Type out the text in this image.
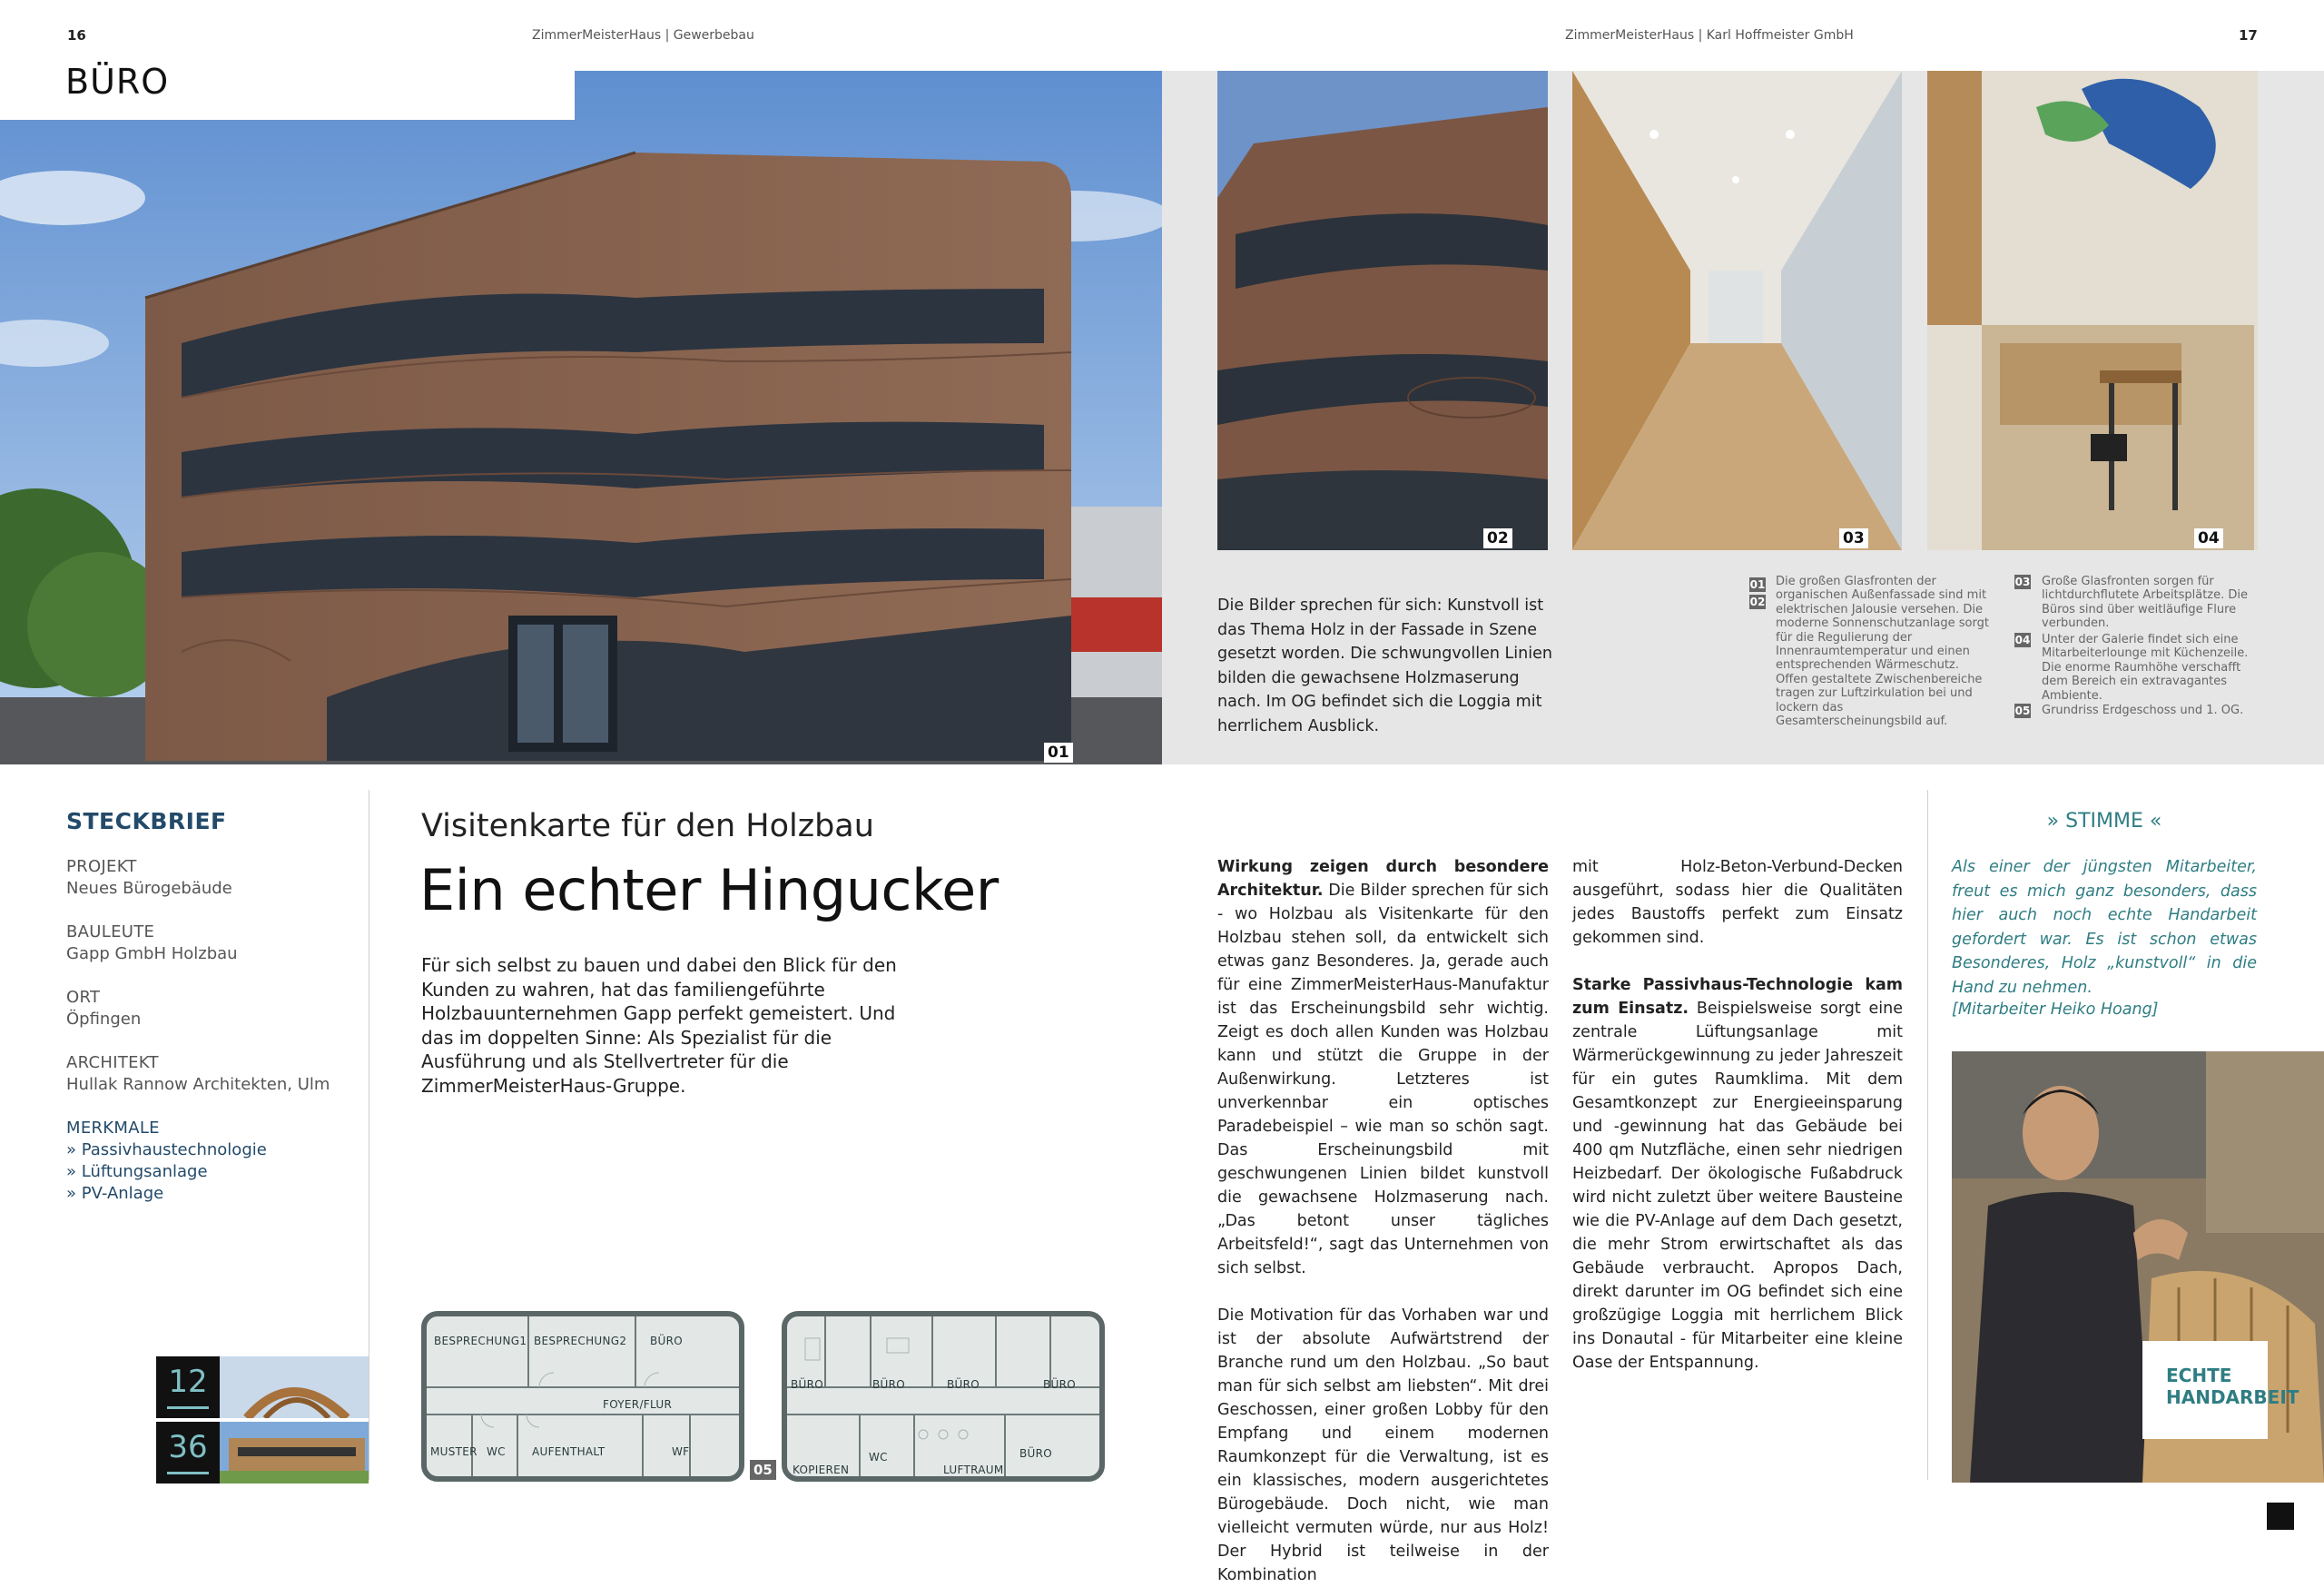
16	ZimmerMeisterHaus | Gewerbebau	ZimmerMeisterHaus | Karl Hoffmeister GmbH	17
01
BÜRO
02	03	04
Die Bilder sprechen für sich: Kunstvoll ist das Thema Holz in der Fassade in Szene gesetzt worden. Die schwungvollen Linien bilden die gewachsene Holzmaserung nach. Im OG befindet sich die Loggia mit herrlichem Ausblick.
01 02
Die großen Glasfronten der organischen Außenfassade sind mit elektrischen Jalousie versehen. Die moderne Sonnenschutzanlage sorgt für die Regulierung der Innenraumtemperatur und einen entsprechenden Wärmeschutz. Offen gestaltete Zwischenbereiche tragen zur Luftzirkulation bei und lockern das Gesamterscheinungsbild auf.
03 Große Glasfronten sorgen für lichtdurchflutete Arbeitsplätze. Die Büros sind über weitläufige Flure verbunden.
04 Unter der Galerie findet sich eine Mitarbeiterlounge mit Küchenzeile. Die enorme Raumhöhe verschafft dem Bereich ein extravagantes Ambiente.
05 Grundriss Erdgeschoss und 1. OG.
STECKBRIEF
PROJEKT
Neues Bürogebäude
BAULEUTE
Gapp GmbH Holzbau
ORT
Öpfingen
ARCHITEKT
Hullak Rannow Architekten, Ulm
MERKMALE
» Passivhaustechnologie
» Lüftungsanlage
» PV-Anlage
12
36
Visitenkarte für den Holzbau
Ein echter Hingucker
Für sich selbst zu bauen und dabei den Blick für den Kunden zu wahren, hat das familiengeführte Holzbauunternehmen Gapp perfekt gemeistert. Und das im doppelten Sinne: Als Spezialist für die Ausführung und als Stellvertreter für die ZimmerMeisterHaus-Gruppe.

Wirkung zeigen durch besondere Architektur. Die Bilder sprechen für sich - wo Holzbau als Visitenkarte für den Holzbau stehen soll, da entwickelt sich etwas ganz Besonderes. Ja, gerade auch für eine ZimmerMeisterHaus-Manufaktur ist das Erscheinungsbild sehr wichtig. Zeigt es doch allen Kunden was Holzbau kann und stützt die Gruppe in der Außenwirkung. Letzteres ist unverkennbar ein optisches Paradebeispiel – wie man so schön sagt. Das Erscheinungsbild mit geschwungenen Linien bildet kunstvoll die gewachsene Holzmaserung nach. „Das betont unser tägliches Arbeitsfeld!“, sagt das Unternehmen von sich selbst.

Die Motivation für das Vorhaben war und ist der absolute Aufwärtstrend der Branche rund um den Holzbau. „So baut man für sich selbst am liebsten“. Mit drei Geschossen, einer großen Lobby für den Empfang und einem modernen Raumkonzept für die Verwaltung, ist es ein klassisches, modern ausgerichtetes Bürogebäude. Doch nicht, wie man vielleicht vermuten würde, nur aus Holz! Der Hybrid ist teilweise in der Kombination

mit Holz-Beton-Verbund-Decken ausgeführt, sodass hier die Qualitäten jedes Baustoffs perfekt zum Einsatz gekommen sind.

Starke Passivhaus-Technologie kam zum Einsatz. Beispielsweise sorgt eine zentrale Lüftungsanlage mit Wärmerückgewinnung zu jeder Jahreszeit für ein gutes Raumklima. Mit dem Gesamtkonzept zur Energieeinsparung und -gewinnung hat das Gebäude bei 400 qm Nutzfläche, einen sehr niedrigen Heizbedarf. Der ökologische Fußabdruck wird nicht zuletzt über weitere Bausteine wie die PV-Anlage auf dem Dach gesetzt, die mehr Strom erwirtschaftet als das Gebäude verbraucht. Apropos Dach, direkt darunter im OG befindet sich eine großzügige Loggia mit herrlichem Blick ins Donautal - für Mitarbeiter eine kleine Oase der Entspannung.

BESPRECHUNG1 BESPRECHUNG2 BÜRO
FOYER/FLUR
MUSTER WC AUFENTHALT	WF
05
BÜRO	BÜRO	BÜRO	BÜRO
BÜRO
KOPIEREN
WC
LUFTRAUM
» STIMME «
Als einer der jüngsten Mitarbeiter, freut es mich ganz besonders, dass hier auch noch echte Handarbeit gefordert war. Es ist schon etwas Besonderes, Holz „kunstvoll“ in die Hand zu nehmen.
[Mitarbeiter Heiko Hoang]
ECHTE
HANDARBEIT
